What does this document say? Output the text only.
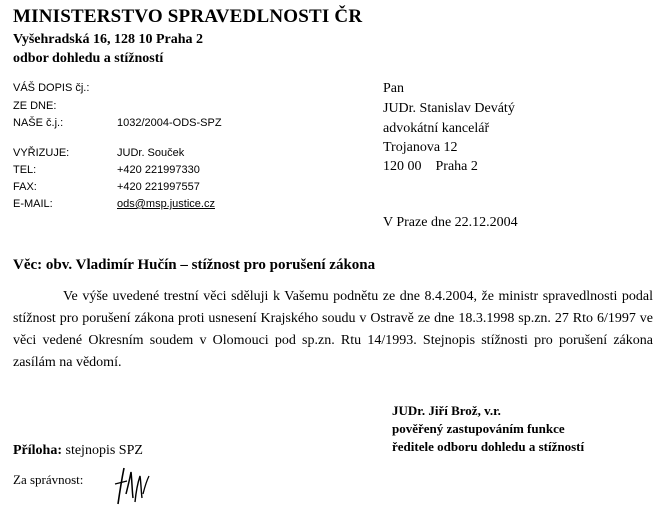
MINISTERSTVO SPRAVEDLNOSTI ČR
Vyšehradská 16, 128 10 Praha 2
odbor dohledu a stížností
VÁŠ DOPIS čj.:
ZE DNE:
NAŠE č.j.:	1032/2004-ODS-SPZ
VYŘIZUJE:	JUDr. Souček
TEL:	+420 221997330
FAX:	+420 221997557
E-MAIL:	ods@msp.justice.cz
Pan
JUDr. Stanislav Devátý
advokátní kancelář
Trojanova 12
120 00    Praha 2
V Praze dne 22.12.2004
Věc: obv. Vladimír Hučín – stížnost pro porušení zákona
Ve výše uvedené trestní věci sděluji k Vašemu podnětu ze dne 8.4.2004, že ministr spravedlnosti podal stížnost pro porušení zákona proti usnesení Krajského soudu v Ostravě ze dne 18.3.1998 sp.zn. 27 Rto 6/1997 ve věci vedené Okresním soudem v Olomouci pod sp.zn. Rtu 14/1993. Stejnopis stížnosti pro porušení zákona zasílám na vědomí.
JUDr. Jiří Brož, v.r.
pověřený zastupováním funkce
ředitele odboru dohledu a stížností
Příloha: stejnopis SPZ
Za správnost:
